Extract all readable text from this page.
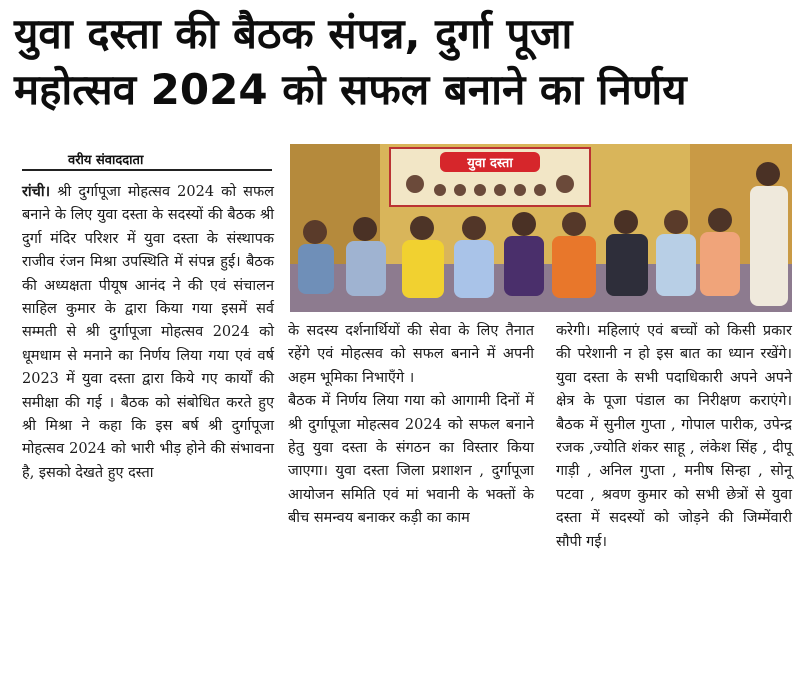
युवा दस्ता की बैठक संपन्न, दुर्गा पूजा
महोत्सव 2024 को सफल बनाने का निर्णय
वरीय संवाददाता	युवा दस्ता

रांची। श्री दुर्गापूजा मोहत्सव 2024 को सफल बनाने के लिए युवा दस्ता के सदस्यों की बैठक श्री दुर्गा मंदिर परिशर में युवा दस्ता के संस्थापक राजीव रंजन मिश्रा उपस्थिति में संपन्न हुई। बैठक की अध्यक्षता पीयूष आनंद ने की एवं संचालन साहिल कुमार के द्वारा किया गया इसमें सर्व सम्मती से श्री दुर्गापूजा मोहत्सव 2024 को धूमधाम से मनाने का निर्णय लिया गया एवं वर्ष 2023 में युवा दस्ता द्वारा किये गए कार्यों की समीक्षा की गई । बैठक को संबोधित करते हुए श्री मिश्रा ने कहा कि इस बर्ष श्री दुर्गापूजा मोहत्सव 2024 को भारी भीड़ होने की संभावना है, इसको देखते हुए दस्ता

के सदस्य दर्शनार्थियों की सेवा के लिए तैनात रहेंगे एवं मोहत्सव को सफल बनाने में अपनी अहम भूमिका निभाएँगे ।

बैठक में निर्णय लिया गया को आगामी दिनों में श्री दुर्गापूजा मोहत्सव 2024 को सफल बनाने हेतु युवा दस्ता के संगठन का विस्तार किया जाएगा। युवा दस्ता जिला प्रशाशन , दुर्गापूजा आयोजन समिति एवं मां भवानी के भक्तों के बीच समन्वय बनाकर कड़ी का काम

करेगी। महिलाएं एवं बच्चों को किसी प्रकार की परेशानी न हो इस बात का ध्यान रखेंगे। युवा दस्ता के सभी पदाधिकारी अपने अपने क्षेत्र के पूजा पंडाल का निरीक्षण कराएंगे। बैठक में सुनील गुप्ता , गोपाल पारीक, उपेन्द्र रजक ,ज्योति शंकर साहू , लंकेश सिंह , दीपू गाड़ी , अनिल गुप्ता , मनीष सिन्हा , सोनू पटवा , श्रवण कुमार को सभी छेत्रों से युवा दस्ता में सदस्यों को जोड़ने की जिम्मेंवारी सौपी गई।
